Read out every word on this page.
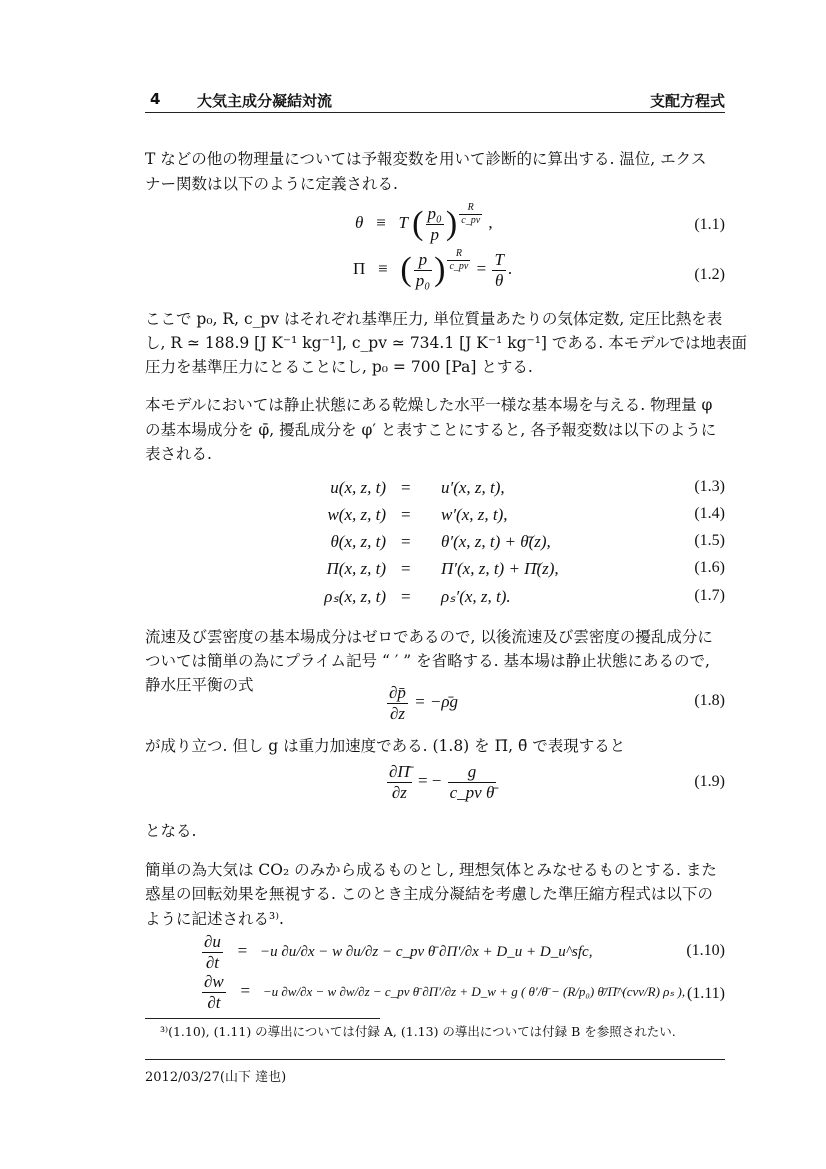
4 大気主成分凝結対流	支配方程式
T などの他の物理量については予報変数を用いて診断的に算出する. 温位, エクス
ナー関数は以下のように定義される.
θ ≡ T ( $\frac{\text{p₀}}{p}$ ) $^{\frac{R}{c\_pv}}$ ,	(1.1)
Π ≡ ( $\frac{p}{\text{p₀}}$ ) $^{\frac{R}{c\_pv}} = \frac{T}{\theta}$ .	(1.2)
ここで p₀, R, c_pv はそれぞれ基準圧力, 単位質量あたりの気体定数, 定圧比熱を表
し, R ≃ 188.9 [J K⁻¹ kg⁻¹], c_pv ≃ 734.1 [J K⁻¹ kg⁻¹] である. 本モデルでは地表面
圧力を基準圧力にとることにし, p₀ = 700 [Pa] とする.
本モデルにおいては静止状態にある乾燥した水平一様な基本場を与える. 物理量 φ
の基本場成分を φ̄, 擾乱成分を φ′ と表すことにすると, 各予報変数は以下のように
表される.
u(x, z, t) = u′(x, z, t),	(1.3)
w(x, z, t) = w′(x, z, t),	(1.4)
θ(x, z, t) = θ′(x, z, t) + θ̄(z),	(1.5)
Π(x, z, t) = Π′(x, z, t) + Π̄(z),	(1.6)
ρₛ(x, z, t) = ρₛ′(x, z, t).	(1.7)
流速及び雲密度の基本場成分はゼロであるので, 以後流速及び雲密度の擾乱成分に
ついては簡単の為にプライム記号 “ ′ ” を省略する. 基本場は静止状態にあるので,
静水圧平衡の式	$\frac{\partial p̄}{\partial z}$ = −ρ̄g	(1.8)
が成り立つ. 但し g は重力加速度である. (1.8) を Π̄, θ̄ で表現すると
$\frac{\partial\Pī}{\partial z}$ = − $\frac{g}{\text{c\_pv θ̄}}$	(1.9)
となる.
簡単の為大気は CO₂ のみから成るものとし, 理想気体とみなせるものとする. また
惑星の回転効果を無視する. このとき主成分凝結を考慮した準圧縮方程式は以下の
ように記述される³⁾.
$\frac{\partial u}{\partial t} = -u$ ∂u/∂x − w ∂u/∂z − c_pv θ̄ ∂Π′/∂x + D_u + D_u^sfc,	(1.10)
$\frac{\partial w}{\partial t} = -u$ ∂w/∂x − w ∂w/∂z − c_pv θ̄ ∂Π′/∂z + D_w + g ( θ′/θ̄ − (R/p₀) θ̄/Π̄^(cvv/R) ρₛ ), (1.11)
³⁾(1.10), (1.11) の導出については付録 A, (1.13) の導出については付録 B を参照されたい.
2012/03/27(山下 達也)
